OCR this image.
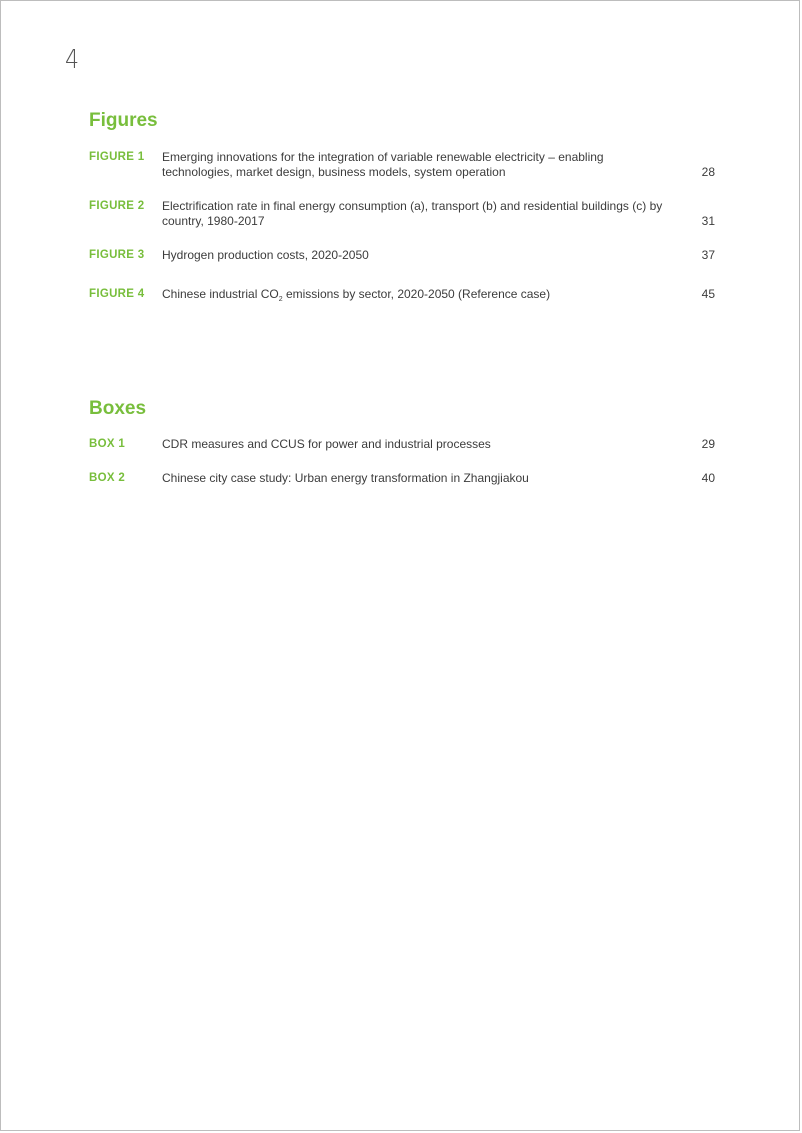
4
Figures
FIGURE 1 Emerging innovations for the integration of variable renewable electricity – enabling technologies, market design, business models, system operation	28
FIGURE 2 Electrification rate in final energy consumption (a), transport (b) and residential buildings (c) by country, 1980-2017	31
FIGURE 3 Hydrogen production costs, 2020-2050	37
FIGURE 4 Chinese industrial $CO_2$ emissions by sector, 2020-2050 (Reference case)	45
Boxes
BOX 1	CDR measures and CCUS for power and industrial processes	29
BOX 2	Chinese city case study: Urban energy transformation in Zhangjiakou	40
